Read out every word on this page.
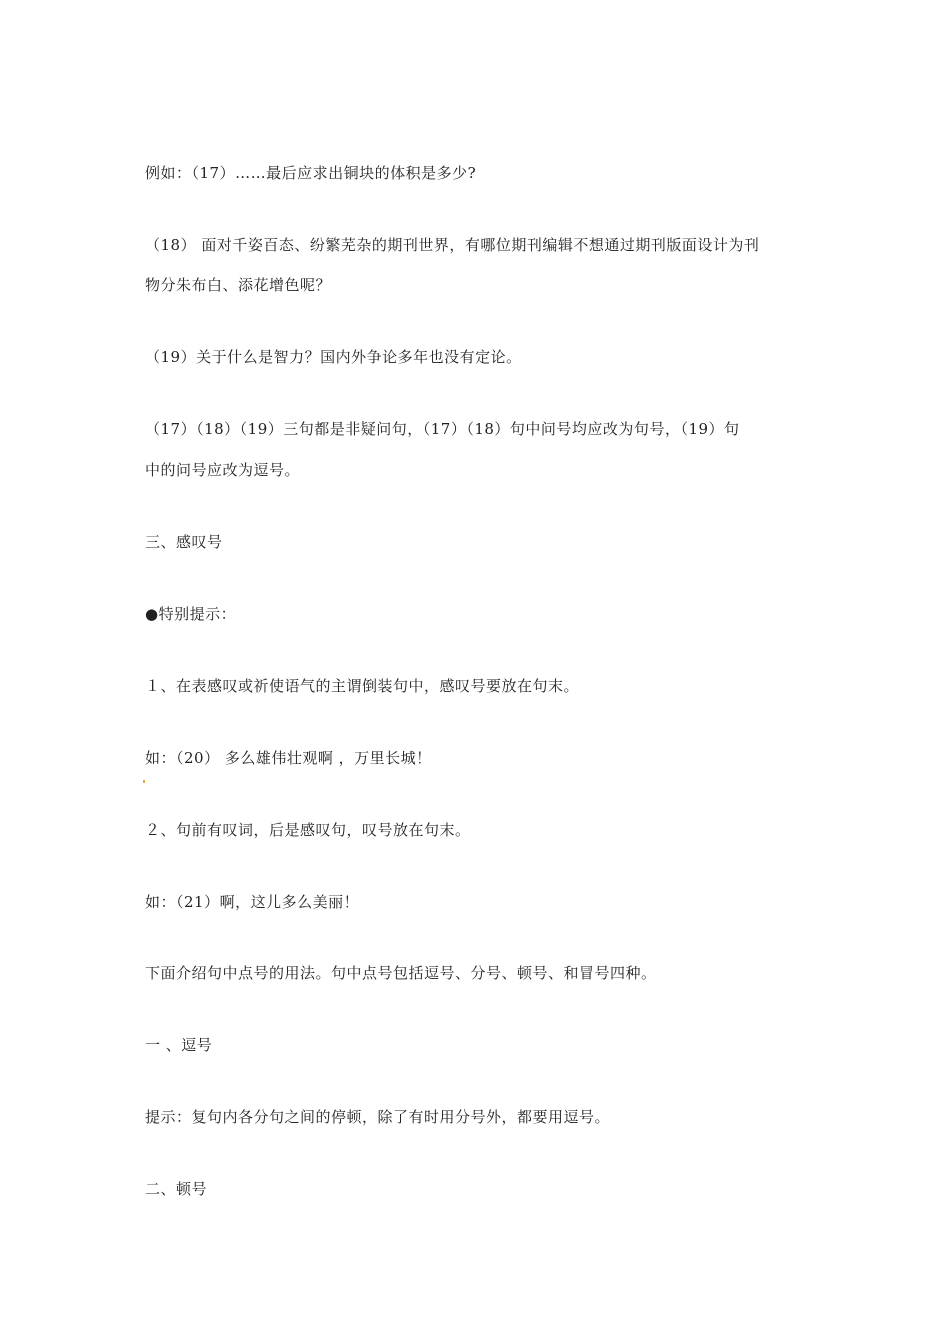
例如：（17）……最后应求出铜块的体积是多少?
（18） 面对千姿百态、纷繁芜杂的期刊世界，有哪位期刊编辑不想通过期刊版面设计为刊
物分朱布白、添花增色呢？
（19）关于什么是智力？国内外争论多年也没有定论。
（17）（18）（19）三句都是非疑问句，（17）（18）句中问号均应改为句号，（19）句
中的问号应改为逗号。
三、感叹号
●特别提示：
１、在表感叹或祈使语气的主谓倒装句中，感叹号要放在句末。
如：（20） 多么雄伟壮观啊 ，万里长城！
２、句前有叹词，后是感叹句，叹号放在句末。
如：（21）啊，这儿多么美丽！
下面介绍句中点号的用法。句中点号包括逗号、分号、顿号、和冒号四种。
一 、逗号
提示：复句内各分句之间的停顿，除了有时用分号外，都要用逗号。
二、顿号
